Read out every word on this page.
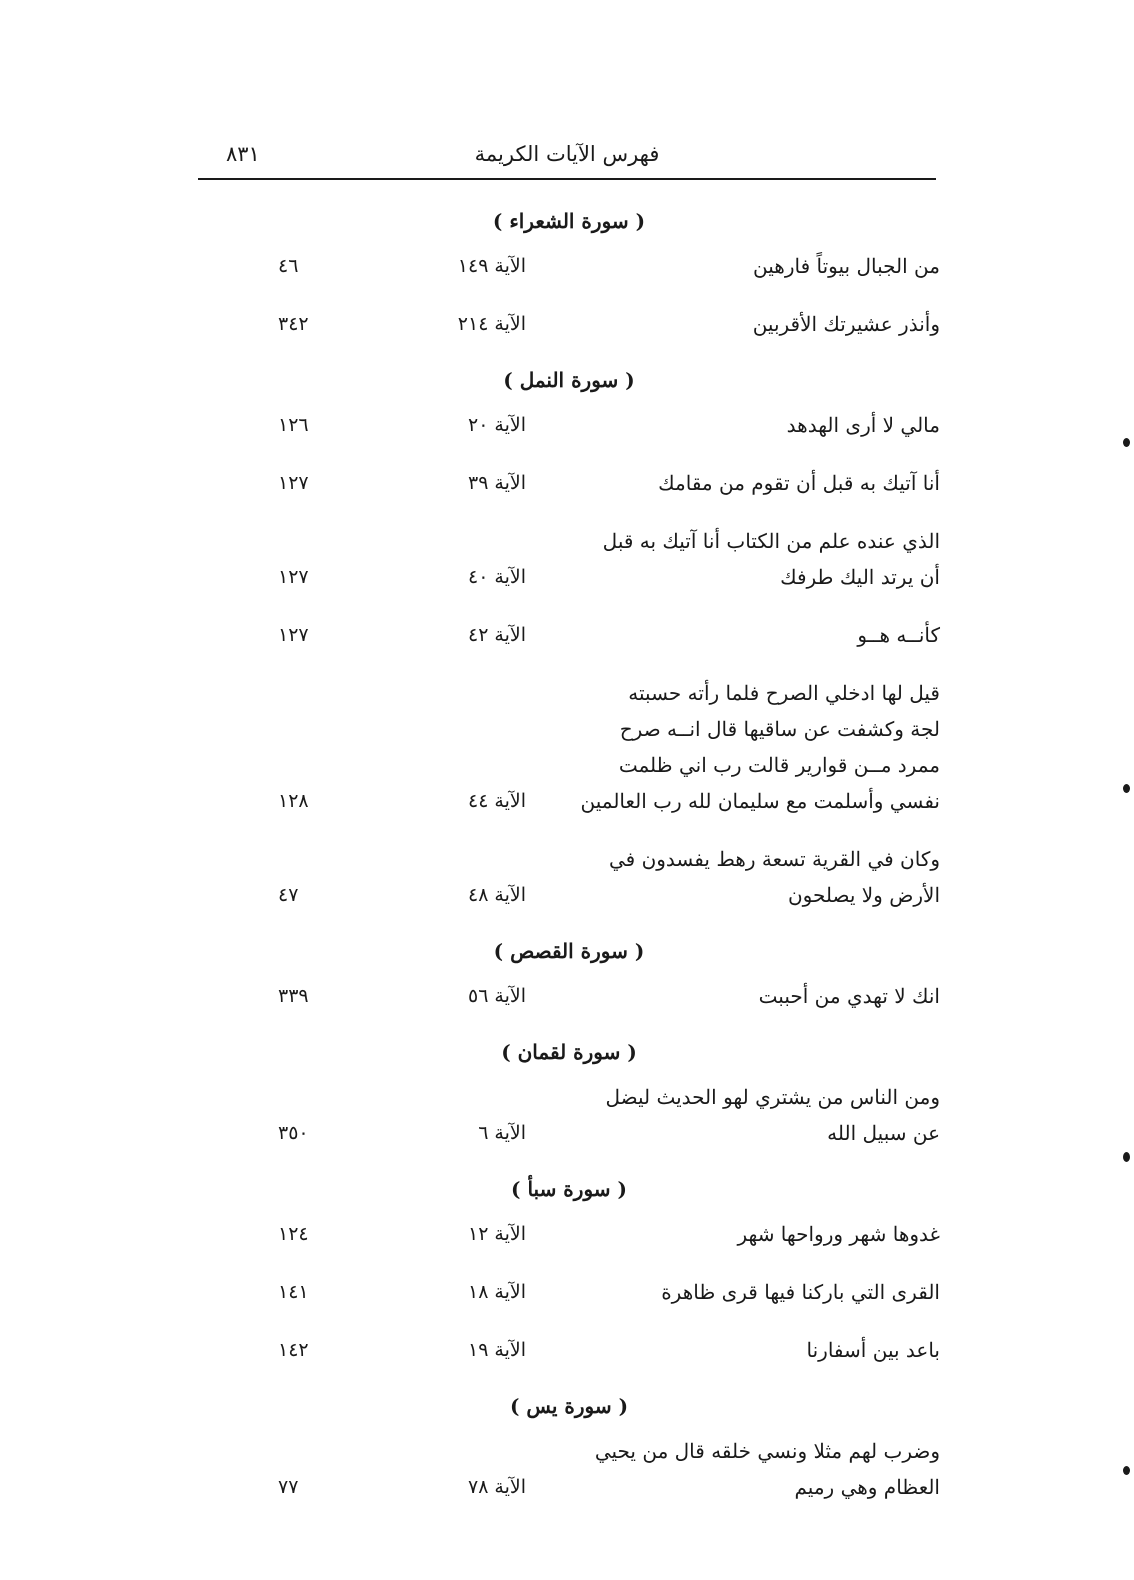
فهرس الآيات الكريمة
٨٣١
( سورة الشعراء )
من الجبال بيوتاً فارهين
الآية١٤٩
٤٦
وأنذر عشيرتك الأقربين
الآية٢١٤
٣٤٢
( سورة النمل )
مالي لا أرى الهدهد
الآية٢٠
١٢٦
أنا آتيك به قبل أن تقوم من مقامك
الآية٣٩
١٢٧
الذي عنده علم من الكتاب أنا آتيك به قبل
أن يرتد اليك طرفك
الآية٤٠
١٢٧
كأنــه هــو
الآية٤٢
١٢٧
قيل لها ادخلي الصرح فلما رأته حسبته
لجة وكشفت عن ساقيها قال انــه صرح
ممرد مــن قوارير قالت رب اني ظلمت
نفسي وأسلمت مع سليمان لله رب العالمين
الآية٤٤
١٢٨
وكان في القرية تسعة رهط يفسدون في
الأرض ولا يصلحون
الآية٤٨
٤٧
( سورة القصص )
انك لا تهدي من أحببت
الآية٥٦
٣٣٩
( سورة لقمان )
ومن الناس من يشتري لهو الحديث ليضل
عن سبيل الله
الآية٦
٣٥٠
( سورة سبأ )
غدوها شهر ورواحها شهر
الآية١٢
١٢٤
القرى التي باركنا فيها قرى ظاهرة
الآية١٨
١٤١
باعد بين أسفارنا
الآية١٩
١٤٢
( سورة يس )
وضرب لهم مثلا ونسي خلقه قال من يحيي
العظام وهي رميم
الآية٧٨
٧٧
